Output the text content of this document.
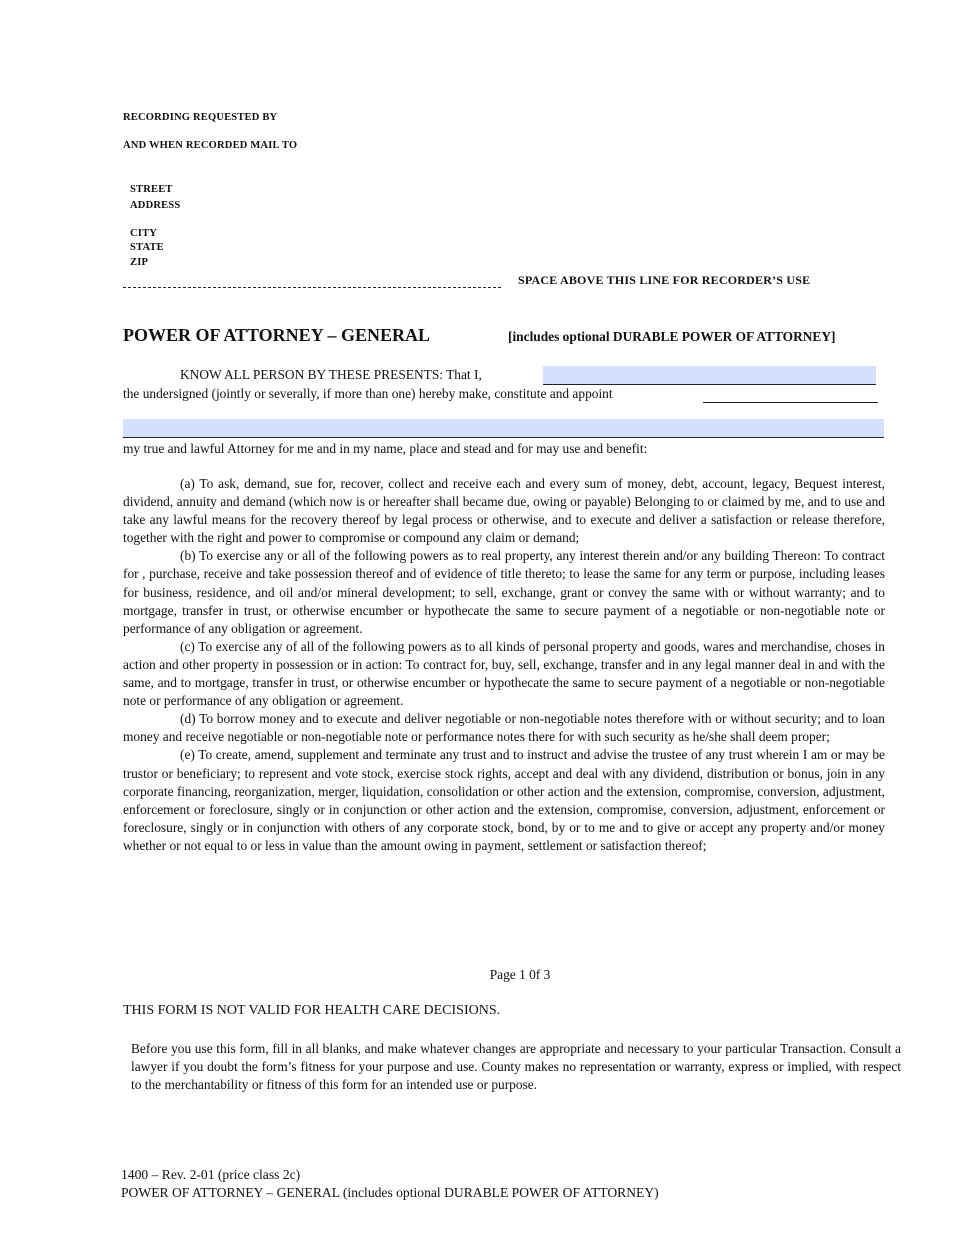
RECORDING REQUESTED BY
AND WHEN RECORDED MAIL TO
STREET
ADDRESS
CITY
STATE
ZIP
SPACE ABOVE THIS LINE FOR RECORDER’S USE
POWER OF ATTORNEY – GENERAL	[includes optional DURABLE POWER OF ATTORNEY]
KNOW ALL PERSON BY THESE PRESENTS: That I,
the undersigned (jointly or severally, if more than one) hereby make, constitute and appoint
my true and lawful Attorney for me and in my name, place and stead and for may use and benefit:

(a) To ask, demand, sue for, recover, collect and receive each and every sum of money, debt, account, legacy, Bequest interest, dividend, annuity and demand (which now is or hereafter shall became due, owing or payable) Belonging to or claimed by me, and to use and take any lawful means for the recovery thereof by legal process or otherwise, and to execute and deliver a satisfaction or release therefore, together with the right and power to compromise or compound any claim or demand;

(b) To exercise any or all of the following powers as to real property, any interest therein and/or any building Thereon: To contract for , purchase, receive and take possession thereof and of evidence of title thereto; to lease the same for any term or purpose, including leases for business, residence, and oil and/or mineral development; to sell, exchange, grant or convey the same with or without warranty; and to mortgage, transfer in trust, or otherwise encumber or hypothecate the same to secure payment of a negotiable or non-negotiable note or performance of any obligation or agreement.

(c) To exercise any of all of the following powers as to all kinds of personal property and goods, wares and merchandise, choses in action and other property in possession or in action: To contract for, buy, sell, exchange, transfer and in any legal manner deal in and with the same, and to mortgage, transfer in trust, or otherwise encumber or hypothecate the same to secure payment of a negotiable or non-negotiable note or performance of any obligation or agreement.

(d) To borrow money and to execute and deliver negotiable or non-negotiable notes therefore with or without security; and to loan money and receive negotiable or non-negotiable note or performance notes there for with such security as he/she shall deem proper;

(e) To create, amend, supplement and terminate any trust and to instruct and advise the trustee of any trust wherein I am or may be trustor or beneficiary; to represent and vote stock, exercise stock rights, accept and deal with any dividend, distribution or bonus, join in any corporate financing, reorganization, merger, liquidation, consolidation or other action and the extension, compromise, conversion, adjustment, enforcement or foreclosure, singly or in conjunction or other action and the extension, compromise, conversion, adjustment, enforcement or foreclosure, singly or in conjunction with others of any corporate stock, bond, by or to me and to give or accept any property and/or money whether or not equal to or less in value than the amount owing in payment, settlement or satisfaction thereof;

Page 1 0f 3
THIS FORM IS NOT VALID FOR HEALTH CARE DECISIONS.
Before you use this form, fill in all blanks, and make whatever changes are appropriate and necessary to your particular Transaction. Consult a lawyer if you doubt the form’s fitness for your purpose and use. County makes no representation or warranty, express or implied, with respect to the merchantability or fitness of this form for an intended use or purpose.
1400 – Rev. 2-01 (price class 2c)
POWER OF ATTORNEY – GENERAL (includes optional DURABLE POWER OF ATTORNEY)
